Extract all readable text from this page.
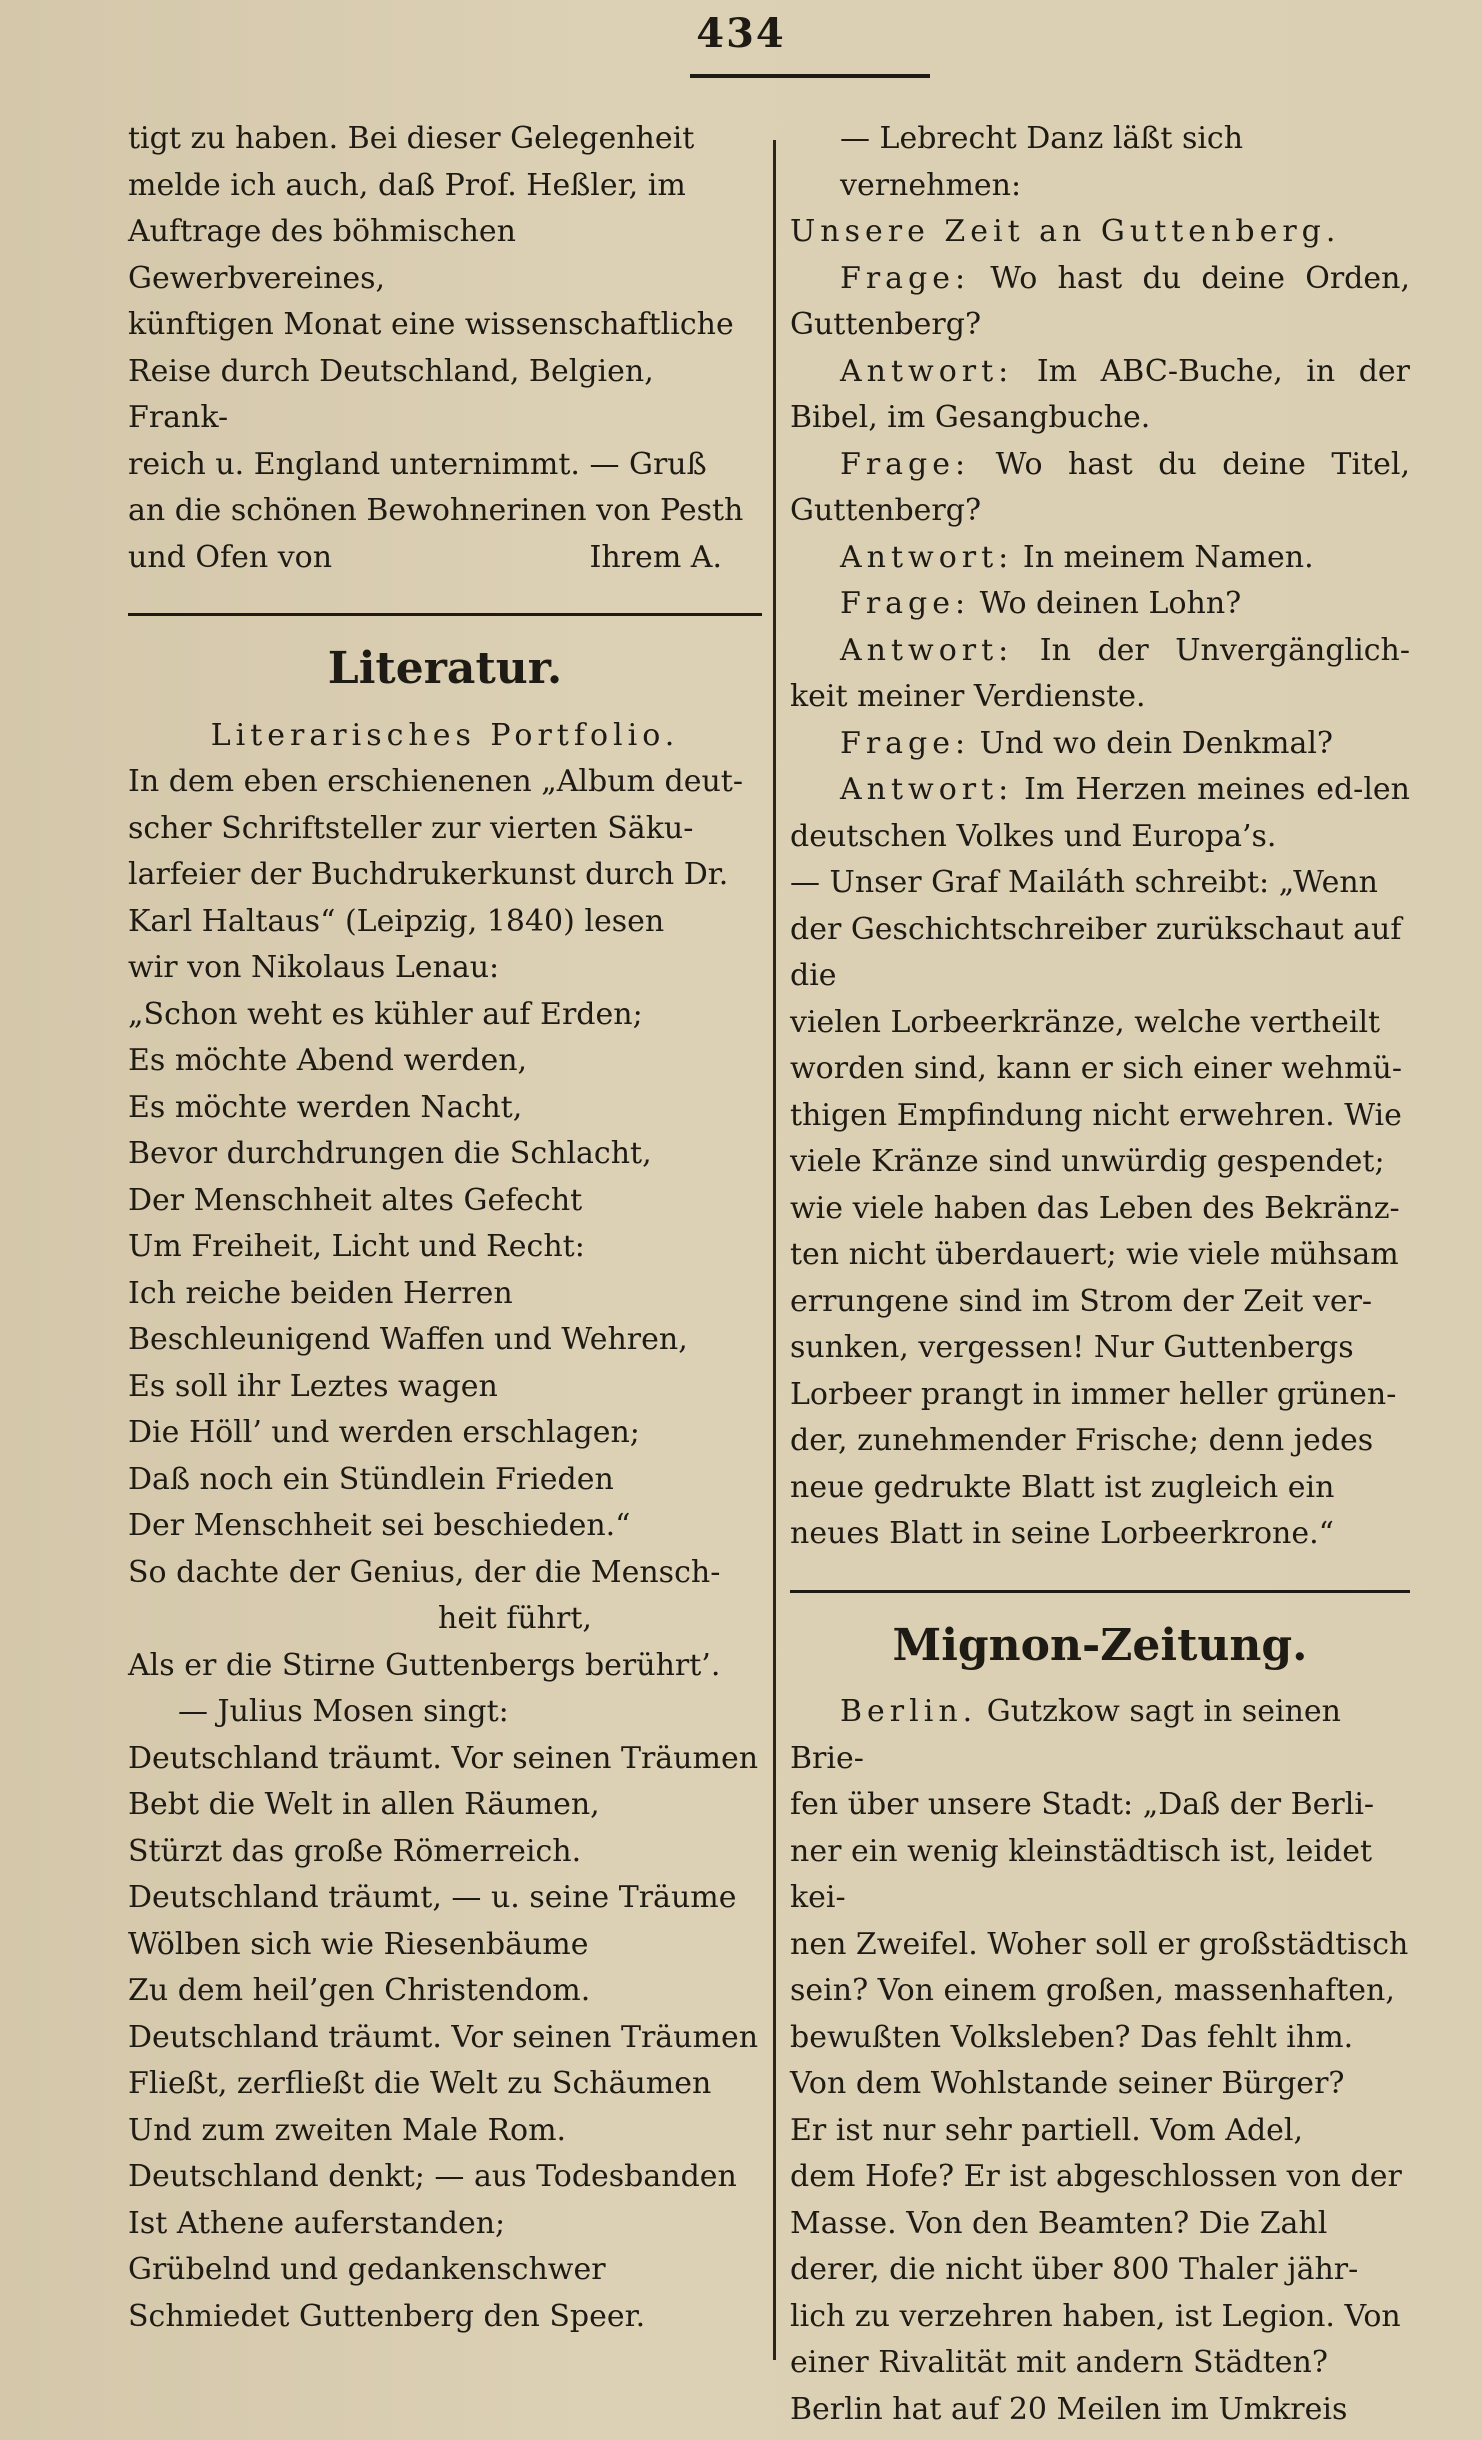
434

tigt zu haben. Bei dieser Gelegenheit

melde ich auch, daß Prof. Heßler, im

Auftrage des böhmischen Gewerbvereines,

künftigen Monat eine wissenschaftliche

Reise durch Deutschland, Belgien, Frank-

reich u. England unternimmt. — Gruß

an die schönen Bewohnerinen von Pesth

und Ofen von	Ihrem A.

Literatur.

Literarisches Portfolio.

In dem eben erschienenen „Album deut-

scher Schriftsteller zur vierten Säku-

larfeier der Buchdrukerkunst durch Dr.

Karl Haltaus“ (Leipzig, 1840) lesen

wir von Nikolaus Lenau:

„Schon weht es kühler auf Erden;

Es möchte Abend werden,

Es möchte werden Nacht,

Bevor durchdrungen die Schlacht,

Der Menschheit altes Gefecht

Um Freiheit, Licht und Recht:

Ich reiche beiden Herren

Beschleunigend Waffen und Wehren,

Es soll ihr Leztes wagen

Die Höll’ und werden erschlagen;

Daß noch ein Stündlein Frieden

Der Menschheit sei beschieden.“

So dachte der Genius, der die Mensch-

heit führt,

Als er die Stirne Guttenbergs berührt’.

— Julius Mosen singt:

Deutschland träumt. Vor seinen Träumen

Bebt die Welt in allen Räumen,

Stürzt das große Römerreich.

Deutschland träumt, — u. seine Träume

Wölben sich wie Riesenbäume

Zu dem heil’gen Christendom.

Deutschland träumt. Vor seinen Träumen

Fließt, zerfließt die Welt zu Schäumen

Und zum zweiten Male Rom.

Deutschland denkt; — aus Todesbanden

Ist Athene auferstanden;

Grübelnd und gedankenschwer

Schmiedet Guttenberg den Speer.

— Lebrecht Danz läßt sich vernehmen:

Unsere Zeit an Guttenberg.

Frage: Wo hast du deine Orden, Guttenberg?

Antwort: Im ABC-Buche, in der Bibel, im Gesangbuche.

Frage: Wo hast du deine Titel, Guttenberg?

Antwort: In meinem Namen.

Frage: Wo deinen Lohn?

Antwort: In der Unvergänglich-keit meiner Verdienste.

Frage: Und wo dein Denkmal?

Antwort: Im Herzen meines ed-len deutschen Volkes und Europa’s.

— Unser Graf Mailáth schreibt: „Wenn

der Geschichtschreiber zurükschaut auf die

vielen Lorbeerkränze, welche vertheilt

worden sind, kann er sich einer wehmü-

thigen Empfindung nicht erwehren. Wie

viele Kränze sind unwürdig gespendet;

wie viele haben das Leben des Bekränz-

ten nicht überdauert; wie viele mühsam

errungene sind im Strom der Zeit ver-

sunken, vergessen! Nur Guttenbergs

Lorbeer prangt in immer heller grünen-

der, zunehmender Frische; denn jedes

neue gedrukte Blatt ist zugleich ein

neues Blatt in seine Lorbeerkrone.“

Mignon-Zeitung.

Berlin. Gutzkow sagt in seinen Brie-

fen über unsere Stadt: „Daß der Berli-

ner ein wenig kleinstädtisch ist, leidet kei-

nen Zweifel. Woher soll er großstädtisch

sein? Von einem großen, massenhaften,

bewußten Volksleben? Das fehlt ihm.

Von dem Wohlstande seiner Bürger?

Er ist nur sehr partiell. Vom Adel,

dem Hofe? Er ist abgeschlossen von der

Masse. Von den Beamten? Die Zahl

derer, die nicht über 800 Thaler jähr-

lich zu verzehren haben, ist Legion. Von

einer Rivalität mit andern Städten?

Berlin hat auf 20 Meilen im Umkreis
